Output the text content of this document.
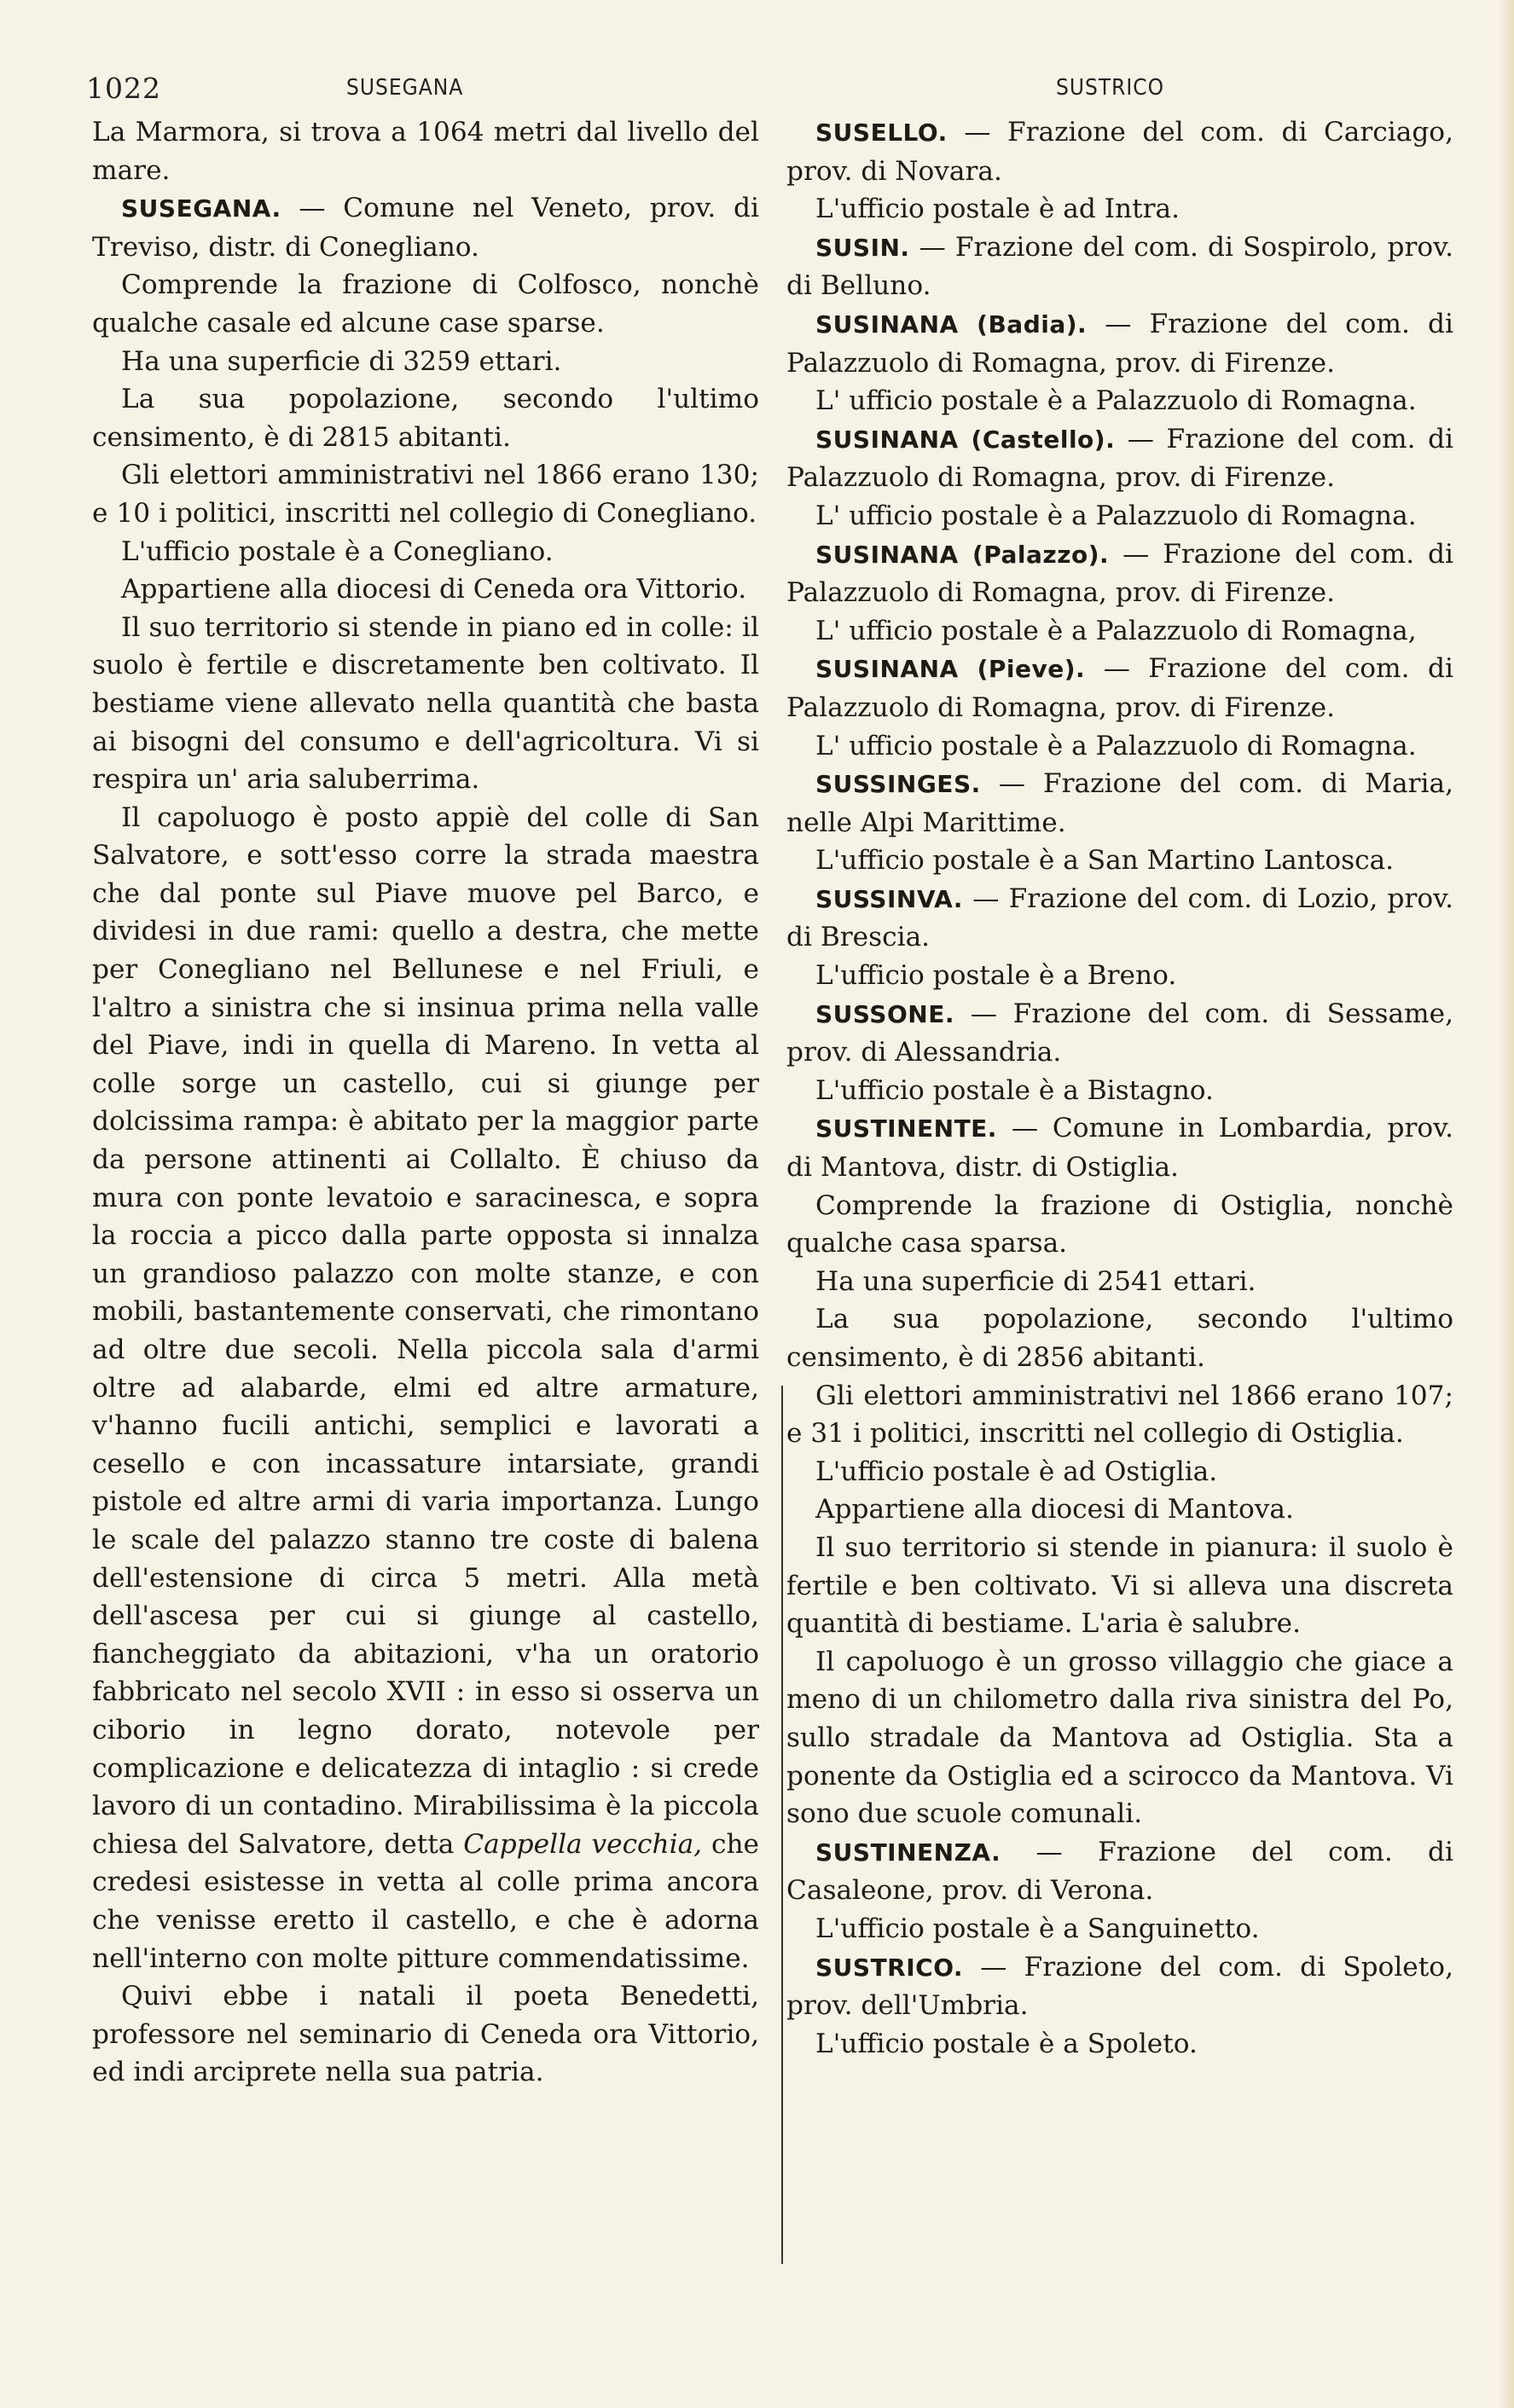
1022	SUSEGANA	SUSTRICO

La Marmora, si trova a 1064 metri dal livello del mare.

SUSEGANA. — Comune nel Veneto, prov. di Treviso, distr. di Conegliano.

Comprende la frazione di Colfosco, nonchè qualche casale ed alcune case sparse.

Ha una superficie di 3259 ettari.

La sua popolazione, secondo l'ultimo censimento, è di 2815 abitanti.

Gli elettori amministrativi nel 1866 erano 130; e 10 i politici, inscritti nel collegio di Conegliano.

L'ufficio postale è a Conegliano.

Appartiene alla diocesi di Ceneda ora Vittorio.

Il suo territorio si stende in piano ed in colle: il suolo è fertile e discretamente ben coltivato. Il bestiame viene allevato nella quantità che basta ai bisogni del consumo e dell'agricoltura. Vi si respira un' aria saluberrima.

Il capoluogo è posto appiè del colle di San Salvatore, e sott'esso corre la strada maestra che dal ponte sul Piave muove pel Barco, e dividesi in due rami: quello a destra, che mette per Conegliano nel Bellunese e nel Friuli, e l'altro a sinistra che si insinua prima nella valle del Piave, indi in quella di Mareno. In vetta al colle sorge un castello, cui si giunge per dolcissima rampa: è abitato per la maggior parte da persone attinenti ai Collalto. È chiuso da mura con ponte levatoio e saracinesca, e sopra la roccia a picco dalla parte opposta si innalza un grandioso palazzo con molte stanze, e con mobili, bastantemente conservati, che rimontano ad oltre due secoli. Nella piccola sala d'armi oltre ad alabarde, elmi ed altre armature, v'hanno fucili antichi, semplici e lavorati a cesello e con incassature intarsiate, grandi pistole ed altre armi di varia importanza. Lungo le scale del palazzo stanno tre coste di balena dell'estensione di circa 5 metri. Alla metà dell'ascesa per cui si giunge al castello, fiancheggiato da abitazioni, v'ha un oratorio fabbricato nel secolo XVII : in esso si osserva un ciborio in legno dorato, notevole per complicazione e delicatezza di intaglio : si crede lavoro di un contadino. Mirabilissima è la piccola chiesa del Salvatore, detta Cappella vecchia, che credesi esistesse in vetta al colle prima ancora che venisse eretto il castello, e che è adorna nell'interno con molte pitture commendatissime.

Quivi ebbe i natali il poeta Benedetti, professore nel seminario di Ceneda ora Vittorio, ed indi arciprete nella sua patria.

SUSELLO. — Frazione del com. di Carciago, prov. di Novara.

L'ufficio postale è ad Intra.

SUSIN. — Frazione del com. di Sospirolo, prov. di Belluno.

SUSINANA (Badia). — Frazione del com. di Palazzuolo di Romagna, prov. di Firenze.

L' ufficio postale è a Palazzuolo di Romagna.

SUSINANA (Castello). — Frazione del com. di Palazzuolo di Romagna, prov. di Firenze.

L' ufficio postale è a Palazzuolo di Romagna.

SUSINANA (Palazzo). — Frazione del com. di Palazzuolo di Romagna, prov. di Firenze.

L' ufficio postale è a Palazzuolo di Romagna,

SUSINANA (Pieve). — Frazione del com. di Palazzuolo di Romagna, prov. di Firenze.

L' ufficio postale è a Palazzuolo di Romagna.

SUSSINGES. — Frazione del com. di Maria, nelle Alpi Marittime.

L'ufficio postale è a San Martino Lantosca.

SUSSINVA. — Frazione del com. di Lozio, prov. di Brescia.

L'ufficio postale è a Breno.

SUSSONE. — Frazione del com. di Sessame, prov. di Alessandria.

L'ufficio postale è a Bistagno.

SUSTINENTE. — Comune in Lombardia, prov. di Mantova, distr. di Ostiglia.

Comprende la frazione di Ostiglia, nonchè qualche casa sparsa.

Ha una superficie di 2541 ettari.

La sua popolazione, secondo l'ultimo censimento, è di 2856 abitanti.

Gli elettori amministrativi nel 1866 erano 107; e 31 i politici, inscritti nel collegio di Ostiglia.

L'ufficio postale è ad Ostiglia.

Appartiene alla diocesi di Mantova.

Il suo territorio si stende in pianura: il suolo è fertile e ben coltivato. Vi si alleva una discreta quantità di bestiame. L'aria è salubre.

Il capoluogo è un grosso villaggio che giace a meno di un chilometro dalla riva sinistra del Po, sullo stradale da Mantova ad Ostiglia. Sta a ponente da Ostiglia ed a scirocco da Mantova. Vi sono due scuole comunali.

SUSTINENZA. — Frazione del com. di Casaleone, prov. di Verona.

L'ufficio postale è a Sanguinetto.

SUSTRICO. — Frazione del com. di Spoleto, prov. dell'Umbria.

L'ufficio postale è a Spoleto.
